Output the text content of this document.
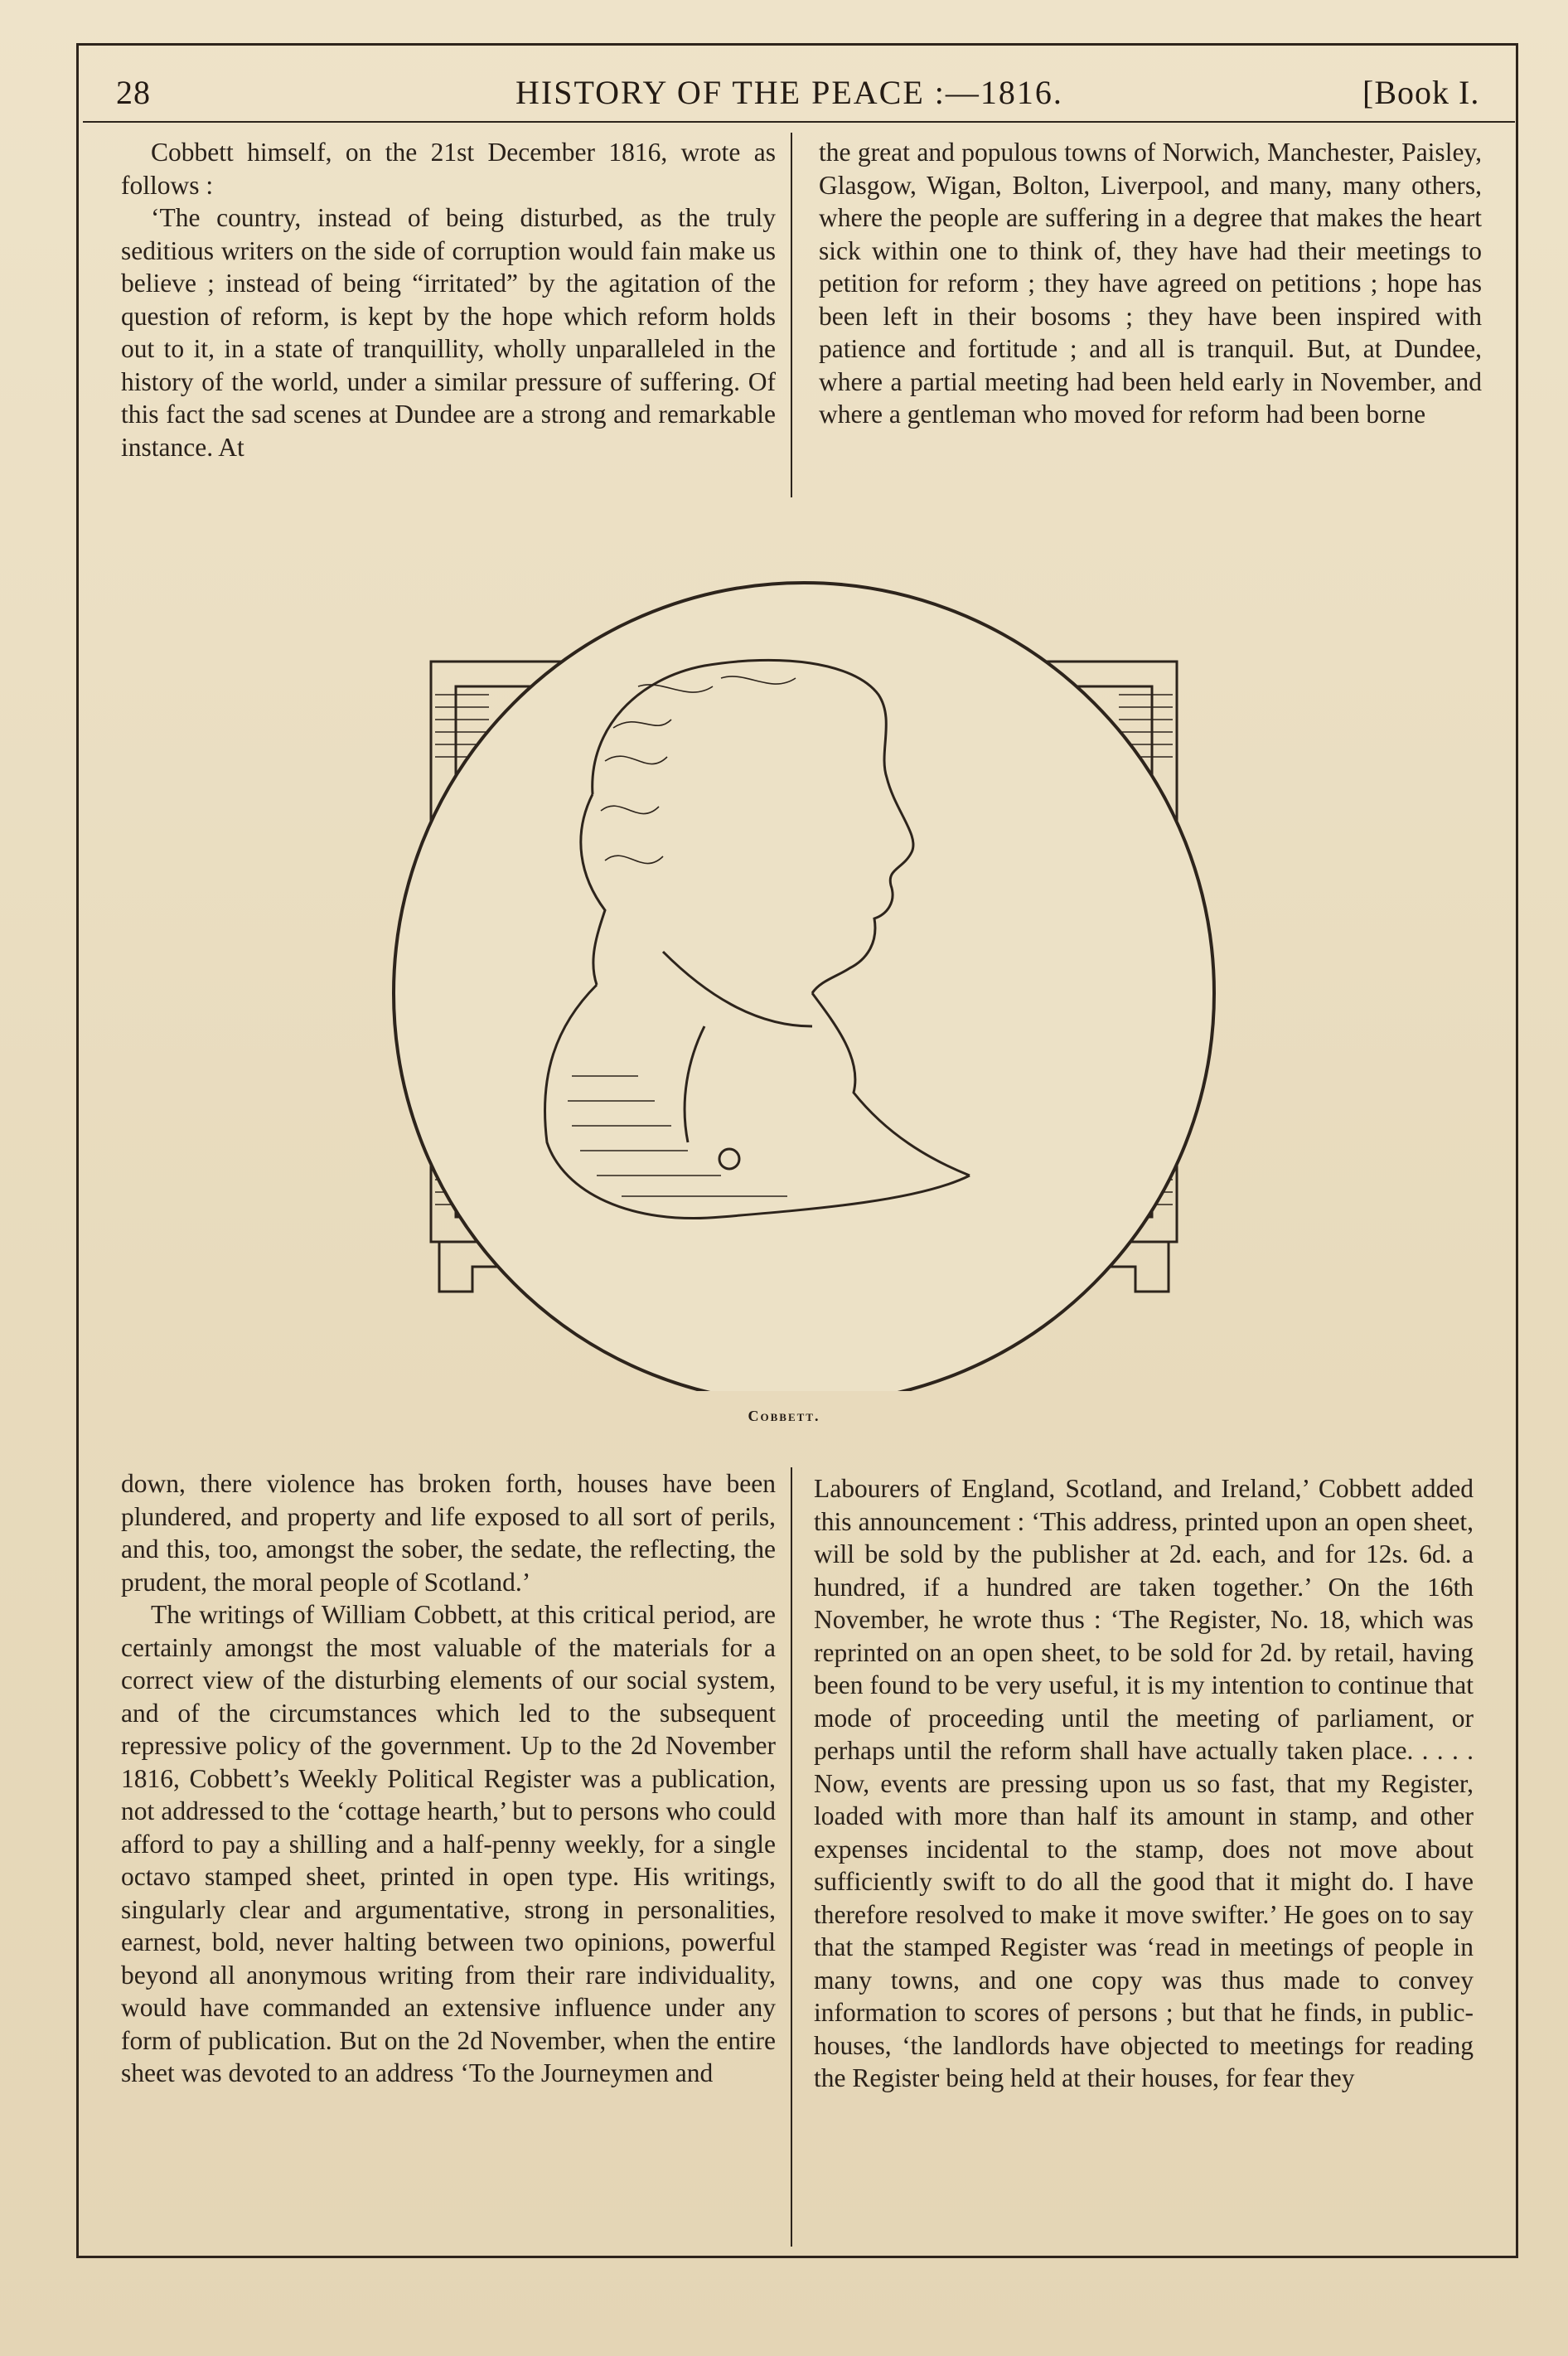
28	HISTORY OF THE PEACE :—1816.	[Book I.

Cobbett himself, on the 21st December 1816, wrote as follows :

‘The country, instead of being disturbed, as the truly seditious writers on the side of corruption would fain make us believe ; instead of being “irritated” by the agitation of the question of reform, is kept by the hope which reform holds out to it, in a state of tranquillity, wholly unparalleled in the history of the world, under a similar pressure of suffering. Of this fact the sad scenes at Dundee are a strong and remarkable instance. At

the great and populous towns of Norwich, Manchester, Paisley, Glasgow, Wigan, Bolton, Liverpool, and many, many others, where the people are suffering in a degree that makes the heart sick within one to think of, they have had their meetings to petition for reform ; they have agreed on petitions ; hope has been left in their bosoms ; they have been inspired with patience and fortitude ; and all is tranquil. But, at Dundee, where a partial meeting had been held early in November, and where a gentleman who moved for reform had been borne

Cobbett.

down, there violence has broken forth, houses have been plundered, and property and life exposed to all sort of perils, and this, too, amongst the sober, the sedate, the reflecting, the prudent, the moral people of Scotland.’

The writings of William Cobbett, at this critical period, are certainly amongst the most valuable of the materials for a correct view of the disturbing elements of our social system, and of the circumstances which led to the subsequent repressive policy of the government. Up to the 2d November 1816, Cobbett’s Weekly Political Register was a publication, not addressed to the ‘cottage hearth,’ but to persons who could afford to pay a shilling and a half-penny weekly, for a single octavo stamped sheet, printed in open type. His writings, singularly clear and argumentative, strong in personalities, earnest, bold, never halting between two opinions, powerful beyond all anonymous writing from their rare individuality, would have commanded an extensive influence under any form of publication. But on the 2d November, when the entire sheet was devoted to an address ‘To the Journeymen and

Labourers of England, Scotland, and Ireland,’ Cobbett added this announcement : ‘This address, printed upon an open sheet, will be sold by the publisher at 2d. each, and for 12s. 6d. a hundred, if a hundred are taken together.’ On the 16th November, he wrote thus : ‘The Register, No. 18, which was reprinted on an open sheet, to be sold for 2d. by retail, having been found to be very useful, it is my intention to continue that mode of proceeding until the meeting of parliament, or perhaps until the reform shall have actually taken place. . . . . Now, events are pressing upon us so fast, that my Register, loaded with more than half its amount in stamp, and other expenses incidental to the stamp, does not move about sufficiently swift to do all the good that it might do. I have therefore resolved to make it move swifter.’ He goes on to say that the stamped Register was ‘read in meetings of people in many towns, and one copy was thus made to convey information to scores of persons ; but that he finds, in public-houses, ‘the landlords have objected to meetings for reading the Register being held at their houses, for fear they
